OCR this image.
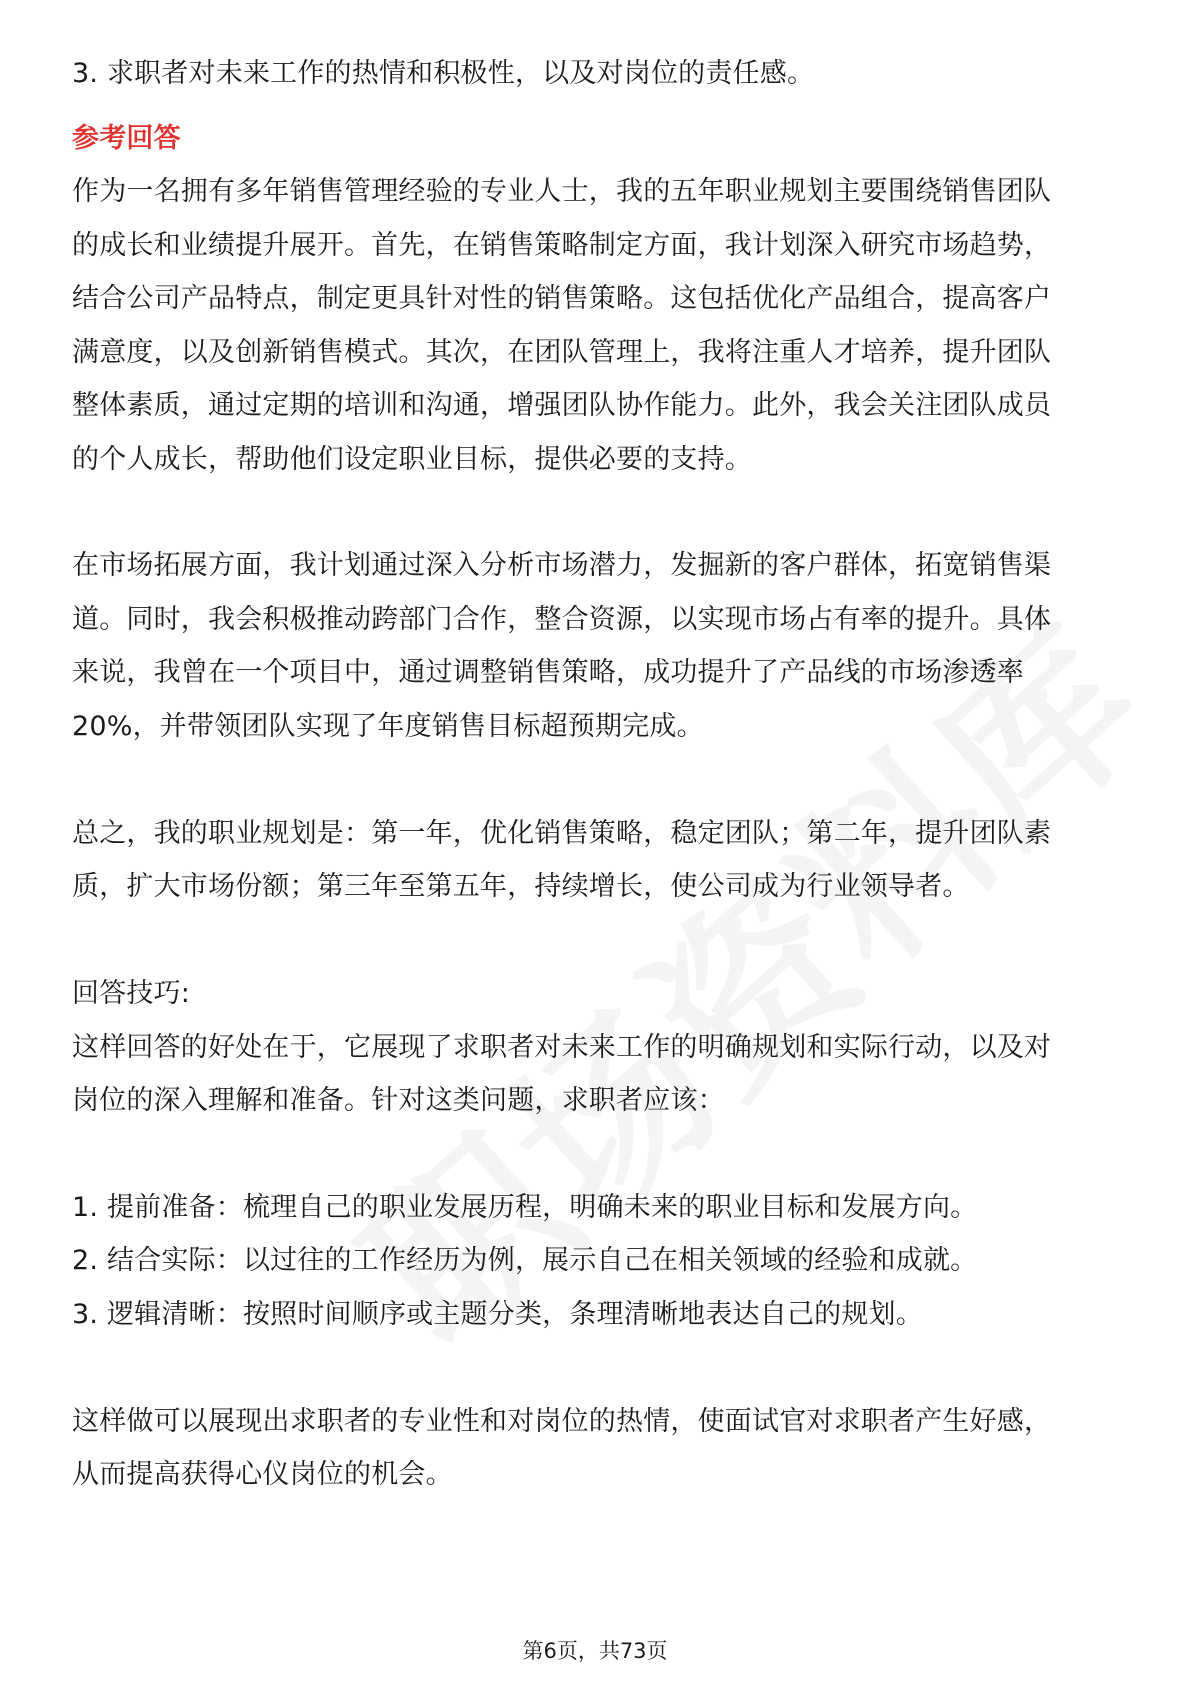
3. 求职者对未来工作的热情和积极性，以及对岗位的责任感。
参考回答
作为一名拥有多年销售管理经验的专业人士，我的五年职业规划主要围绕销售团队
的成长和业绩提升展开。首先，在销售策略制定方面，我计划深入研究市场趋势，
结合公司产品特点，制定更具针对性的销售策略。这包括优化产品组合，提高客户
满意度，以及创新销售模式。其次，在团队管理上，我将注重人才培养，提升团队
整体素质，通过定期的培训和沟通，增强团队协作能力。此外，我会关注团队成员
的个人成长，帮助他们设定职业目标，提供必要的支持。
在市场拓展方面，我计划通过深入分析市场潜力，发掘新的客户群体，拓宽销售渠
道。同时，我会积极推动跨部门合作，整合资源，以实现市场占有率的提升。具体
来说，我曾在一个项目中，通过调整销售策略，成功提升了产品线的市场渗透率
20%，并带领团队实现了年度销售目标超预期完成。
总之，我的职业规划是：第一年，优化销售策略，稳定团队；第二年，提升团队素
质，扩大市场份额；第三年至第五年，持续增长，使公司成为行业领导者。
回答技巧:
这样回答的好处在于，它展现了求职者对未来工作的明确规划和实际行动，以及对
岗位的深入理解和准备。针对这类问题，求职者应该：
1. 提前准备：梳理自己的职业发展历程，明确未来的职业目标和发展方向。
2. 结合实际：以过往的工作经历为例，展示自己在相关领域的经验和成就。
3. 逻辑清晰：按照时间顺序或主题分类，条理清晰地表达自己的规划。
这样做可以展现出求职者的专业性和对岗位的热情，使面试官对求职者产生好感，
从而提高获得心仪岗位的机会。
第6页，共73页
